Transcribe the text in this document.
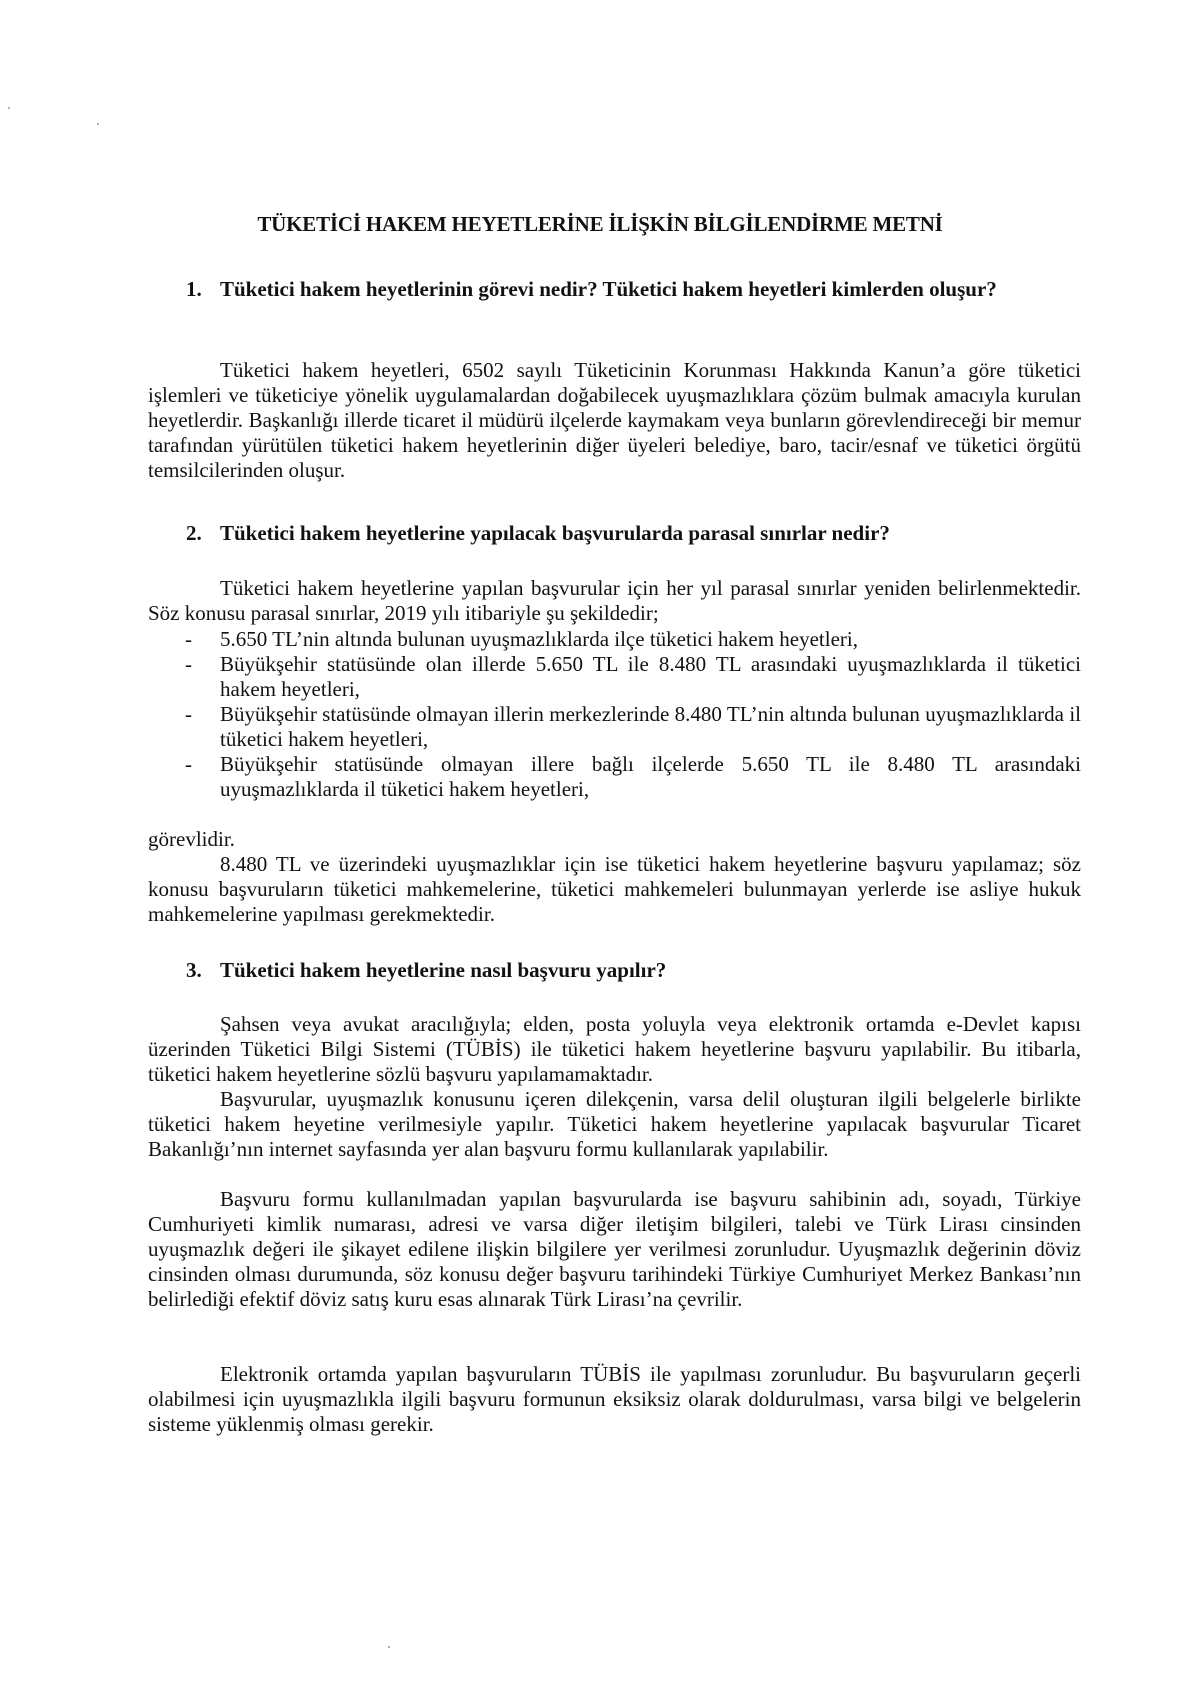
TÜKETİCİ HAKEM HEYETLERİNE İLİŞKİN BİLGİLENDİRME METNİ
1. Tüketici hakem heyetlerinin görevi nedir? Tüketici hakem heyetleri kimlerden oluşur?

Tüketici hakem heyetleri, 6502 sayılı Tüketicinin Korunması Hakkında Kanun’a göre tüketici işlemleri ve tüketiciye yönelik uygulamalardan doğabilecek uyuşmazlıklara çözüm bulmak amacıyla kurulan heyetlerdir. Başkanlığı illerde ticaret il müdürü ilçelerde kaymakam veya bunların görevlendireceği bir memur tarafından yürütülen tüketici hakem heyetlerinin diğer üyeleri belediye, baro, tacir/esnaf ve tüketici örgütü temsilcilerinden oluşur.

2. Tüketici hakem heyetlerine yapılacak başvurularda parasal sınırlar nedir?

Tüketici hakem heyetlerine yapılan başvurular için her yıl parasal sınırlar yeniden belirlenmektedir. Söz konusu parasal sınırlar, 2019 yılı itibariyle şu şekildedir;

- 5.650 TL’nin altında bulunan uyuşmazlıklarda ilçe tüketici hakem heyetleri,
- Büyükşehir statüsünde olan illerde 5.650 TL ile 8.480 TL arasındaki uyuşmazlıklarda il tüketici hakem heyetleri,
- Büyükşehir statüsünde olmayan illerin merkezlerinde 8.480 TL’nin altında bulunan uyuşmazlıklarda il tüketici hakem heyetleri,
- Büyükşehir statüsünde olmayan illere bağlı ilçelerde 5.650 TL ile 8.480 TL arasındaki uyuşmazlıklarda il tüketici hakem heyetleri,

görevlidir.

8.480 TL ve üzerindeki uyuşmazlıklar için ise tüketici hakem heyetlerine başvuru yapılamaz; söz konusu başvuruların tüketici mahkemelerine, tüketici mahkemeleri bulunmayan yerlerde ise asliye hukuk mahkemelerine yapılması gerekmektedir.

3. Tüketici hakem heyetlerine nasıl başvuru yapılır?

Şahsen veya avukat aracılığıyla; elden, posta yoluyla veya elektronik ortamda e-Devlet kapısı üzerinden Tüketici Bilgi Sistemi (TÜBİS) ile tüketici hakem heyetlerine başvuru yapılabilir. Bu itibarla, tüketici hakem heyetlerine sözlü başvuru yapılamamaktadır.

Başvurular, uyuşmazlık konusunu içeren dilekçenin, varsa delil oluşturan ilgili belgelerle birlikte tüketici hakem heyetine verilmesiyle yapılır. Tüketici hakem heyetlerine yapılacak başvurular Ticaret Bakanlığı’nın internet sayfasında yer alan başvuru formu kullanılarak yapılabilir.

Başvuru formu kullanılmadan yapılan başvurularda ise başvuru sahibinin adı, soyadı, Türkiye Cumhuriyeti kimlik numarası, adresi ve varsa diğer iletişim bilgileri, talebi ve Türk Lirası cinsinden uyuşmazlık değeri ile şikayet edilene ilişkin bilgilere yer verilmesi zorunludur. Uyuşmazlık değerinin döviz cinsinden olması durumunda, söz konusu değer başvuru tarihindeki Türkiye Cumhuriyet Merkez Bankası’nın belirlediği efektif döviz satış kuru esas alınarak Türk Lirası’na çevrilir.

Elektronik ortamda yapılan başvuruların TÜBİS ile yapılması zorunludur. Bu başvuruların geçerli olabilmesi için uyuşmazlıkla ilgili başvuru formunun eksiksiz olarak doldurulması, varsa bilgi ve belgelerin sisteme yüklenmiş olması gerekir.
